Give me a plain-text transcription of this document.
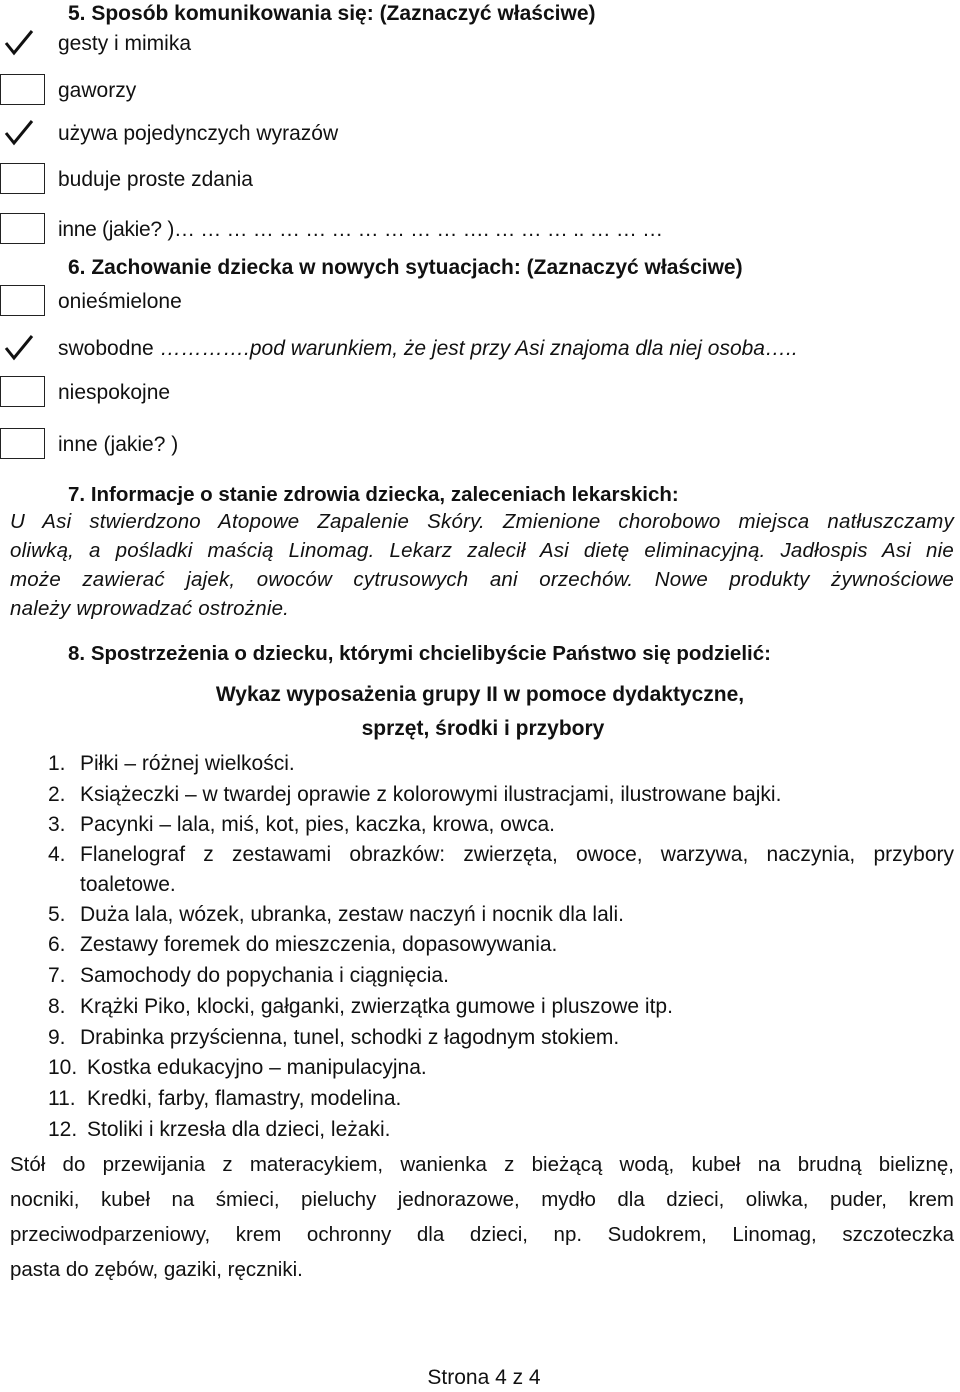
5. Sposób komunikowania się: (Zaznaczyć właściwe)
gesty i mimika
gaworzy
używa pojedynczych wyrazów
buduje proste zdania
inne (jakie? )… … … … … … … … … … … …. … … … .. … … …
6. Zachowanie dziecka w nowych sytuacjach: (Zaznaczyć właściwe)
onieśmielone
swobodne ………….pod warunkiem, że jest przy Asi znajoma dla niej osoba…..
niespokojne
inne (jakie? )
7. Informacje o stanie zdrowia dziecka, zaleceniach lekarskich:
U Asi stwierdzono Atopowe Zapalenie Skóry. Zmienione chorobowo miejsca natłuszczamy
oliwką, a pośladki maścią Linomag. Lekarz zalecił Asi dietę eliminacyjną. Jadłospis Asi nie
może zawierać jajek, owoców cytrusowych ani orzechów. Nowe produkty żywnościowe
należy wprowadzać ostrożnie.
8. Spostrzeżenia o dziecku, którymi chcielibyście Państwo się podzielić:
Wykaz wyposażenia grupy II w pomoce dydaktyczne,
sprzęt, środki i przybory
1. Piłki – różnej wielkości.
2. Książeczki – w twardej oprawie z kolorowymi ilustracjami, ilustrowane bajki.
3. Pacynki – lala, miś, kot, pies, kaczka, krowa, owca.
4. Flanelograf z zestawami obrazków: zwierzęta, owoce, warzywa, naczynia, przybory
toaletowe.
5. Duża lala, wózek, ubranka, zestaw naczyń i nocnik dla lali.
6. Zestawy foremek do mieszczenia, dopasowywania.
7. Samochody do popychania i ciągnięcia.
8. Krążki Piko, klocki, gałganki, zwierzątka gumowe i pluszowe itp.
9. Drabinka przyścienna, tunel, schodki z łagodnym stokiem.
10. Kostka edukacyjno – manipulacyjna.
11. Kredki, farby, flamastry, modelina.
12. Stoliki i krzesła dla dzieci, leżaki.
Stół do przewijania z materacykiem, wanienka z bieżącą wodą, kubeł na brudną bieliznę,
nocniki, kubeł na śmieci, pieluchy jednorazowe, mydło dla dzieci, oliwka, puder, krem
przeciwodparzeniowy, krem ochronny dla dzieci, np. Sudokrem, Linomag, szczoteczka
pasta do zębów, gaziki, ręczniki.
Strona 4 z 4
